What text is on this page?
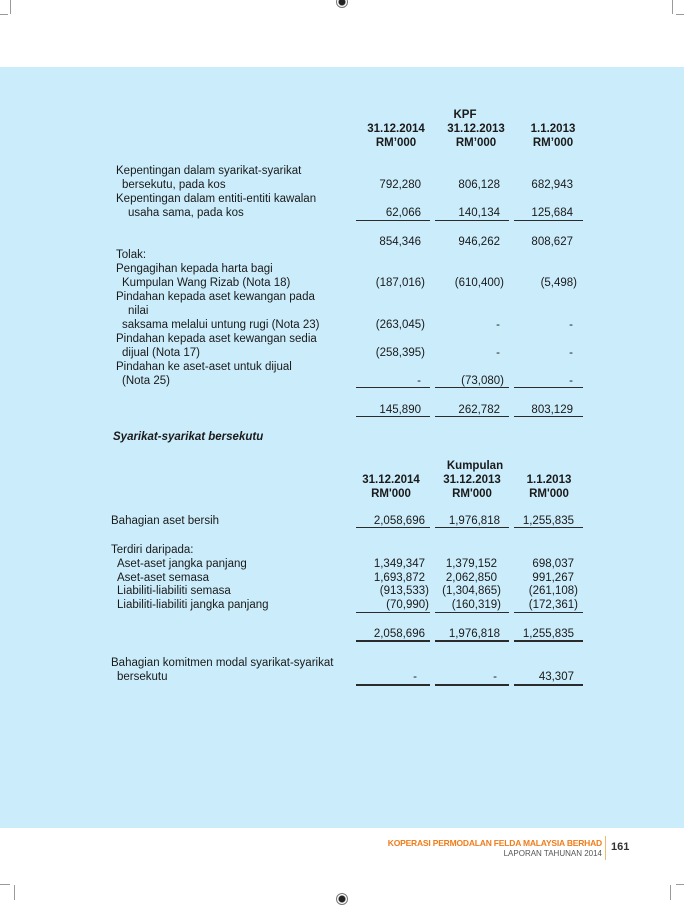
KPF
31.12.2014	31.12.2013	1.1.2013
RM’000	RM’000	RM’000
Kepentingan dalam syarikat-syarikat
bersekutu, pada kos	792,280	806,128	682,943
Kepentingan dalam entiti-entiti kawalan
usaha sama, pada kos	62,066	140,134	125,684
854,346	946,262	808,627
Tolak:
Pengagihan kepada harta bagi
Kumpulan Wang Rizab (Nota 18)	(187,016)	(610,400)	(5,498)
Pindahan kepada aset kewangan pada
nilai
saksama melalui untung rugi (Nota 23)	(263,045)	-	-
Pindahan kepada aset kewangan sedia
dijual (Nota 17)	(258,395)	-	-
Pindahan ke aset-aset untuk dijual
(Nota 25)	-	(73,080)	-
145,890	262,782	803,129
Syarikat-syarikat bersekutu
Kumpulan
31.12.2014	31.12.2013	1.1.2013
RM'000	RM'000	RM'000
Bahagian aset bersih	2,058,696	1,976,818	1,255,835
Terdiri daripada:
Aset-aset jangka panjang	1,349,347	1,379,152	698,037
Aset-aset semasa	1,693,872	2,062,850	991,267
Liabiliti-liabiliti semasa	(913,533)	(1,304,865)	(261,108)
Liabiliti-liabiliti jangka panjang	(70,990)	(160,319)	(172,361)
2,058,696	1,976,818	1,255,835
Bahagian komitmen modal syarikat-syarikat
bersekutu	-	-	43,307
KOPERASI PERMODALAN FELDA MALAYSIA BERHAD
LAPORAN TAHUNAN 2014
161
